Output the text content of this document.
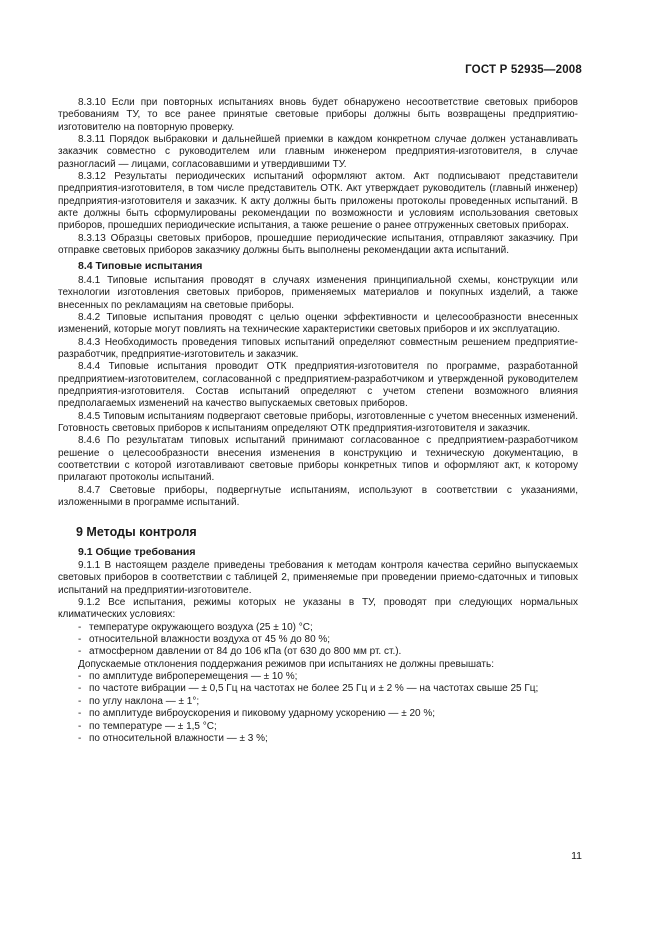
ГОСТ Р 52935—2008

8.3.10 Если при повторных испытаниях вновь будет обнаружено несоответствие световых приборов требованиям ТУ, то все ранее принятые световые приборы должны быть возвращены предприятию-изготовителю на повторную проверку.

8.3.11 Порядок выбраковки и дальнейшей приемки в каждом конкретном случае должен устанавливать заказчик совместно с руководителем или главным инженером предприятия-изготовителя, в случае разногласий — лицами, согласовавшими и утвердившими ТУ.

8.3.12 Результаты периодических испытаний оформляют актом. Акт подписывают представители предприятия-изготовителя, в том числе представитель ОТК. Акт утверждает руководитель (главный инженер) предприятия-изготовителя и заказчик. К акту должны быть приложены протоколы проведенных испытаний. В акте должны быть сформулированы рекомендации по возможности и условиям использования световых приборов, прошедших периодические испытания, а также решение о ранее отгруженных световых приборах.

8.3.13 Образцы световых приборов, прошедшие периодические испытания, отправляют заказчику. При отправке световых приборов заказчику должны быть выполнены рекомендации акта испытаний.

8.4 Типовые испытания

8.4.1 Типовые испытания проводят в случаях изменения принципиальной схемы, конструкции или технологии изготовления световых приборов, применяемых материалов и покупных изделий, а также внесенных по рекламациям на световые приборы.

8.4.2 Типовые испытания проводят с целью оценки эффективности и целесообразности внесенных изменений, которые могут повлиять на технические характеристики световых приборов и их эксплуатацию.

8.4.3 Необходимость проведения типовых испытаний определяют совместным решением предприятие-разработчик, предприятие-изготовитель и заказчик.

8.4.4 Типовые испытания проводит ОТК предприятия-изготовителя по программе, разработанной предприятием-изготовителем, согласованной с предприятием-разработчиком и утвержденной руководителем предприятия-изготовителя. Состав испытаний определяют с учетом степени возможного влияния предполагаемых изменений на качество выпускаемых световых приборов.

8.4.5 Типовым испытаниям подвергают световые приборы, изготовленные с учетом внесенных изменений. Готовность световых приборов к испытаниям определяют ОТК предприятия-изготовителя и заказчик.

8.4.6 По результатам типовых испытаний принимают согласованное с предприятием-разработчиком решение о целесообразности внесения изменения в конструкцию и техническую документацию, в соответствии с которой изготавливают световые приборы конкретных типов и оформляют акт, к которому прилагают протоколы испытаний.

8.4.7 Световые приборы, подвергнутые испытаниям, используют в соответствии с указаниями, изложенными в программе испытаний.

9 Методы контроля
9.1 Общие требования

9.1.1 В настоящем разделе приведены требования к методам контроля качества серийно выпускаемых световых приборов в соответствии с таблицей 2, применяемые при проведении приемо-сдаточных и типовых испытаний на предприятии-изготовителе.

9.1.2 Все испытания, режимы которых не указаны в ТУ, проводят при следующих нормальных климатических условиях:

- температуре окружающего воздуха (25 ± 10) °С;
- относительной влажности воздуха от 45 % до 80 %;
- атмосферном давлении от 84 до 106 кПа (от 630 до 800 мм рт. ст.).

Допускаемые отклонения поддержания режимов при испытаниях не должны превышать:

- по амплитуде виброперемещения — ± 10 %;
- по частоте вибрации — ± 0,5 Гц на частотах не более 25 Гц и ± 2 % — на частотах свыше 25 Гц;
- по углу наклона — ± 1°;
- по амплитуде виброускорения и пиковому ударному ускорению — ± 20 %;
- по температуре — ± 1,5 °С;
- по относительной влажности — ± 3 %;
11
